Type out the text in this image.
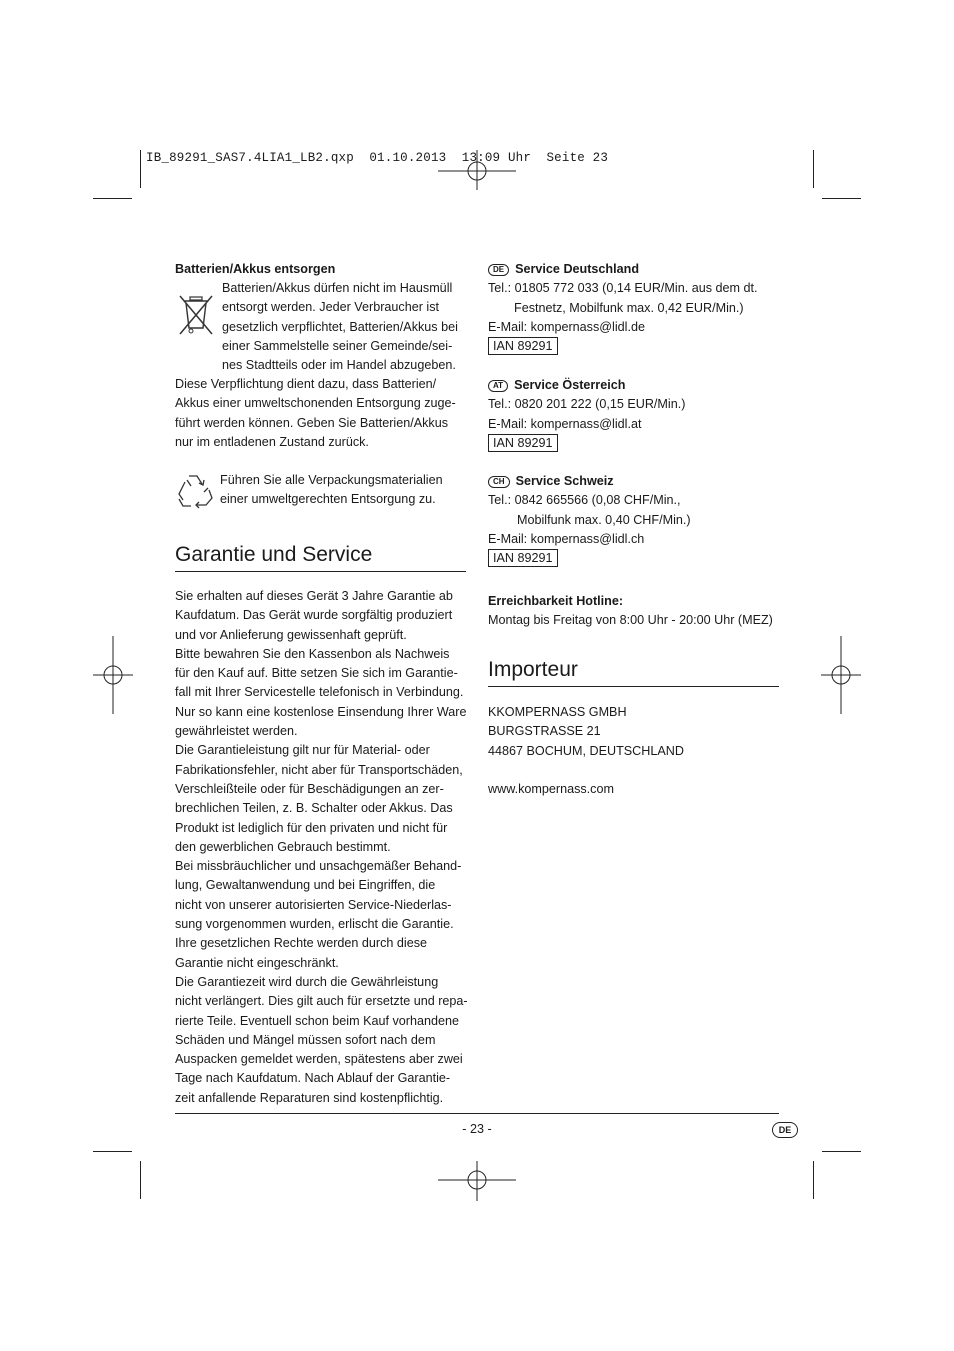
IB_89291_SAS7.4LIA1_LB2.qxp  01.10.2013  13:09 Uhr  Seite 23
Batterien/Akkus entsorgen

Batterien/Akkus dürfen nicht im Hausmüll

entsorgt werden. Jeder Verbraucher ist

gesetzlich verpflichtet, Batterien/Akkus bei

einer Sammelstelle seiner Gemeinde/sei-

nes Stadtteils oder im Handel abzugeben.

Diese Verpflichtung dient dazu, dass Batterien/

Akkus einer umweltschonenden Entsorgung zuge-

führt werden können. Geben Sie Batterien/Akkus

nur im entladenen Zustand zurück.

Führen Sie alle Verpackungsmaterialien

einer umweltgerechten Entsorgung zu.

Garantie und Service

Sie erhalten auf dieses Gerät 3 Jahre Garantie ab

Kaufdatum. Das Gerät wurde sorgfältig produziert

und vor Anlieferung gewissenhaft geprüft.

Bitte bewahren Sie den Kassenbon als Nachweis

für den Kauf auf. Bitte setzen Sie sich im Garantie-

fall mit Ihrer Servicestelle telefonisch in Verbindung.

Nur so kann eine kostenlose Einsendung Ihrer Ware

gewährleistet werden.

Die Garantieleistung gilt nur für Material- oder

Fabrikationsfehler, nicht aber für Transportschäden,

Verschleißteile oder für Beschädigungen an zer-

brechlichen Teilen, z. B. Schalter oder Akkus. Das

Produkt ist lediglich für den privaten und nicht für

den gewerblichen Gebrauch bestimmt.

Bei missbräuchlicher und unsachgemäßer Behand-

lung, Gewaltanwendung und bei Eingriffen, die

nicht von unserer autorisierten Service-Niederlas-

sung vorgenommen wurden, erlischt die Garantie.

Ihre gesetzlichen Rechte werden durch diese

Garantie nicht eingeschränkt.

Die Garantiezeit wird durch die Gewährleistung

nicht verlängert. Dies gilt auch für ersetzte und repa-

rierte Teile. Eventuell schon beim Kauf vorhandene

Schäden und Mängel müssen sofort nach dem

Auspacken gemeldet werden, spätestens aber zwei

Tage nach Kaufdatum. Nach Ablauf der Garantie-

zeit anfallende Reparaturen sind kostenpflichtig.

DE Service Deutschland

Tel.: 01805 772 033 (0,14 EUR/Min. aus dem dt.

Festnetz, Mobilfunk max. 0,42 EUR/Min.)

E-Mail: kompernass@lidl.de

IAN 89291

AT Service Österreich

Tel.: 0820 201 222 (0,15 EUR/Min.)

E-Mail: kompernass@lidl.at

IAN 89291

CH Service Schweiz

Tel.: 0842 665566 (0,08 CHF/Min.,

Mobilfunk max. 0,40 CHF/Min.)

E-Mail: kompernass@lidl.ch

IAN 89291

Erreichbarkeit Hotline:

Montag bis Freitag von 8:00 Uhr - 20:00 Uhr (MEZ)

Importeur

KKOMPERNASS GMBH

BURGSTRASSE 21

44867 BOCHUM, DEUTSCHLAND

www.kompernass.com
- 23 -	DE
